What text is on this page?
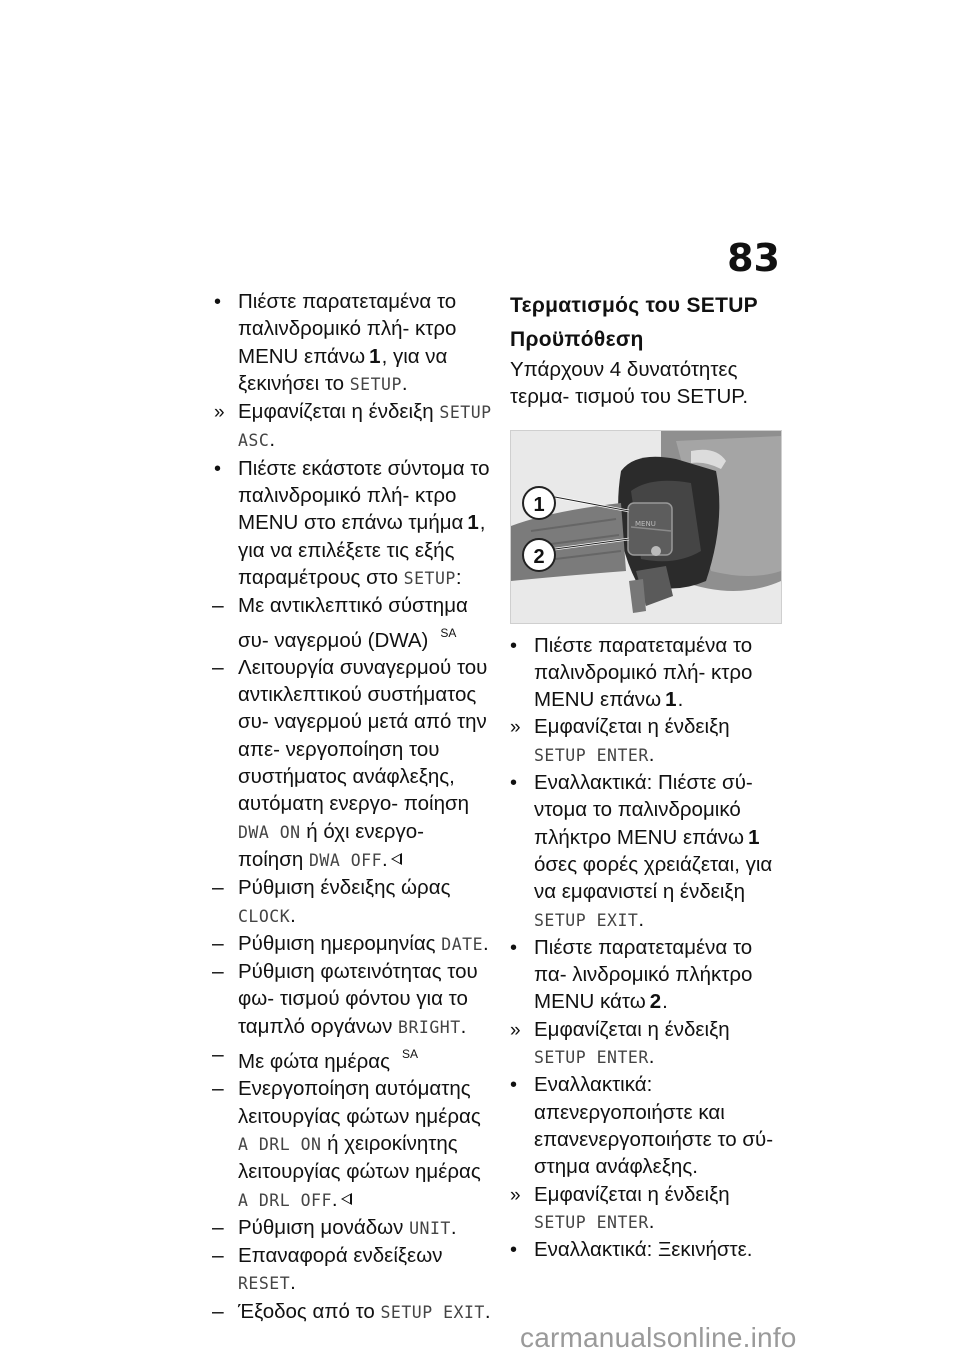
83
•
Πιέστε παρατεταμένα το παλινδρομικό πλή- κτρο MENU επάνω 1, για να ξεκινήσει το SETUP.
»
Εμφανίζεται η ένδειξη SETUP ASC.
•
Πιέστε εκάστοτε σύντομα το παλινδρομικό πλή- κτρο MENU στο επάνω τμήμα 1, για να επιλέξετε τις εξής παραμέτρους στο SETUP:
–
Με αντικλεπτικό σύστημα συ- ναγερμού (DWA) $^{SA}$
–
Λειτουργία συναγερμού του αντικλεπτικού συστήματος συ- ναγερμού μετά από την απε- νεργοποίηση του συστήματος ανάφλεξης, αυτόματη ενεργο- ποίηση DWA ON ή όχι ενεργο- ποίηση DWA OFF.
–
Ρύθμιση ένδειξης ώρας CLOCK.
–
Ρύθμιση ημερομηνίας DATE.
–
Ρύθμιση φωτεινότητας του φω- τισμού φόντου για το ταμπλό οργάνων BRIGHT.
–
Με φώτα ημέρας $^{SA}$
–
Ενεργοποίηση αυτόματης λειτουργίας φώτων ημέρας A DRL ON ή χειροκίνητης λειτουργίας φώτων ημέρας A DRL OFF.
–
Ρύθμιση μονάδων UNIT.
–
Επαναφορά ενδείξεων RESET.
–
Έξοδος από το SETUP EXIT.
Τερματισμός του SETUP
Προϋπόθεση
Υπάρχουν 4 δυνατότητες τερμα- τισμού του SETUP.
MENU
1
2
•
Πιέστε παρατεταμένα το παλινδρομικό πλή- κτρο MENU επάνω 1.
»
Εμφανίζεται η ένδειξη SETUP ENTER.
•
Εναλλακτικά: Πιέστε σύ- ντομα το παλινδρομικό πλήκτρο MENU επάνω 1 όσες φορές χρειάζεται, για να εμφανιστεί η ένδειξη SETUP EXIT.
•
Πιέστε παρατεταμένα το πα- λινδρομικό πλήκτρο MENU κάτω 2.
»
Εμφανίζεται η ένδειξη SETUP ENTER.
•
Εναλλακτικά: απενεργοποιήστε και επανενεργοποιήστε το σύ- στημα ανάφλεξης.
»
Εμφανίζεται η ένδειξη SETUP ENTER.
•
Εναλλακτικά: Ξεκινήστε.
carmanualsonline.info
